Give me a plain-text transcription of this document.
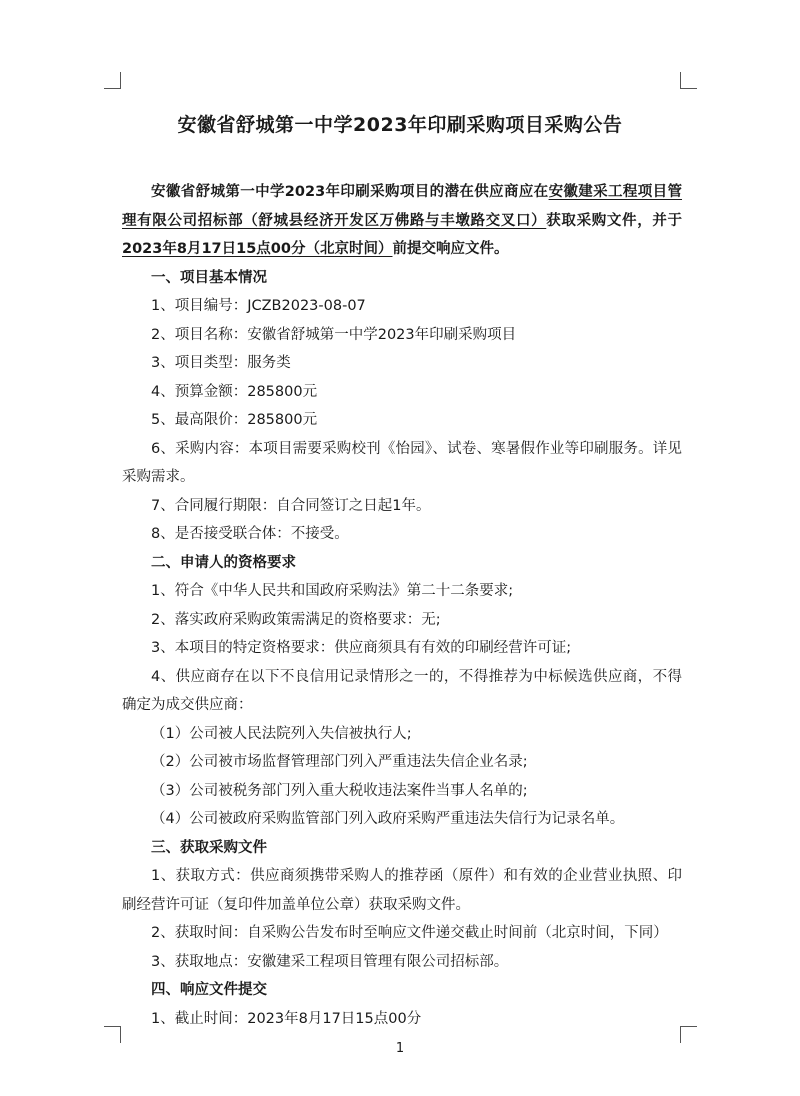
安徽省舒城第一中学2023年印刷采购项目采购公告

安徽省舒城第一中学2023年印刷采购项目的潜在供应商应在安徽建采工程项目管理有限公司招标部（舒城县经济开发区万佛路与丰墩路交叉口）获取采购文件，并于2023年8月17日15点00分（北京时间）前提交响应文件。

一、项目基本情况

1、项目编号：JCZB2023-08-07

2、项目名称：安徽省舒城第一中学2023年印刷采购项目

3、项目类型：服务类

4、预算金额：285800元

5、最高限价：285800元

6、采购内容：本项目需要采购校刊《怡园》、试卷、寒暑假作业等印刷服务。详见采购需求。

7、合同履行期限：自合同签订之日起1年。

8、是否接受联合体：不接受。

二、申请人的资格要求

1、符合《中华人民共和国政府采购法》第二十二条要求;

2、落实政府采购政策需满足的资格要求：无;

3、本项目的特定资格要求：供应商须具有有效的印刷经营许可证;

4、供应商存在以下不良信用记录情形之一的，不得推荐为中标候选供应商，不得确定为成交供应商：

（1）公司被人民法院列入失信被执行人;

（2）公司被市场监督管理部门列入严重违法失信企业名录;

（3）公司被税务部门列入重大税收违法案件当事人名单的;

（4）公司被政府采购监管部门列入政府采购严重违法失信行为记录名单。

三、获取采购文件

1、获取方式：供应商须携带采购人的推荐函（原件）和有效的企业营业执照、印刷经营许可证（复印件加盖单位公章）获取采购文件。

2、获取时间：自采购公告发布时至响应文件递交截止时间前（北京时间，下同）

3、获取地点：安徽建采工程项目管理有限公司招标部。

四、响应文件提交

1、截止时间：2023年8月17日15点00分

1
